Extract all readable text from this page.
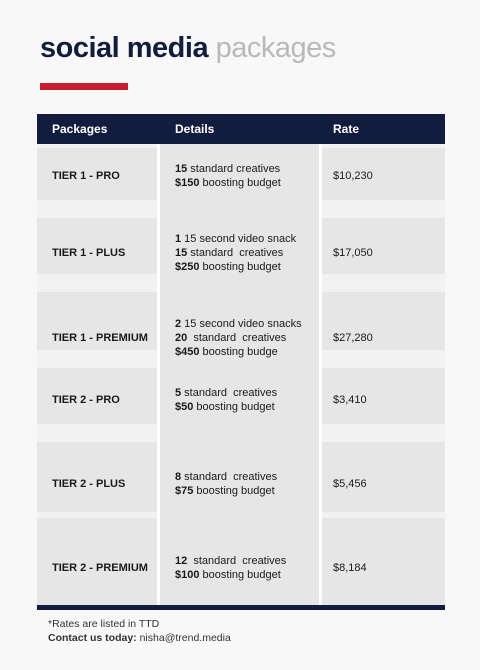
social media packages
Packages	Details	Rate
TIER 1 - PRO
15 standard creatives
$150 boosting budget
$10,230
TIER 1 - PLUS
1 15 second video snack
15 standard  creatives
$250 boosting budget
$17,050
TIER 1 - PREMIUM
2 15 second video snacks
20  standard  creatives
$450 boosting budge
$27,280
TIER 2 - PRO
5 standard  creatives
$50 boosting budget
$3,410
TIER 2 - PLUS
8 standard  creatives
$75 boosting budget
$5,456
TIER 2 - PREMIUM
12  standard  creatives
$100 boosting budget
$8,184
*Rates are listed in TTD
Contact us today: nisha@trend.media
